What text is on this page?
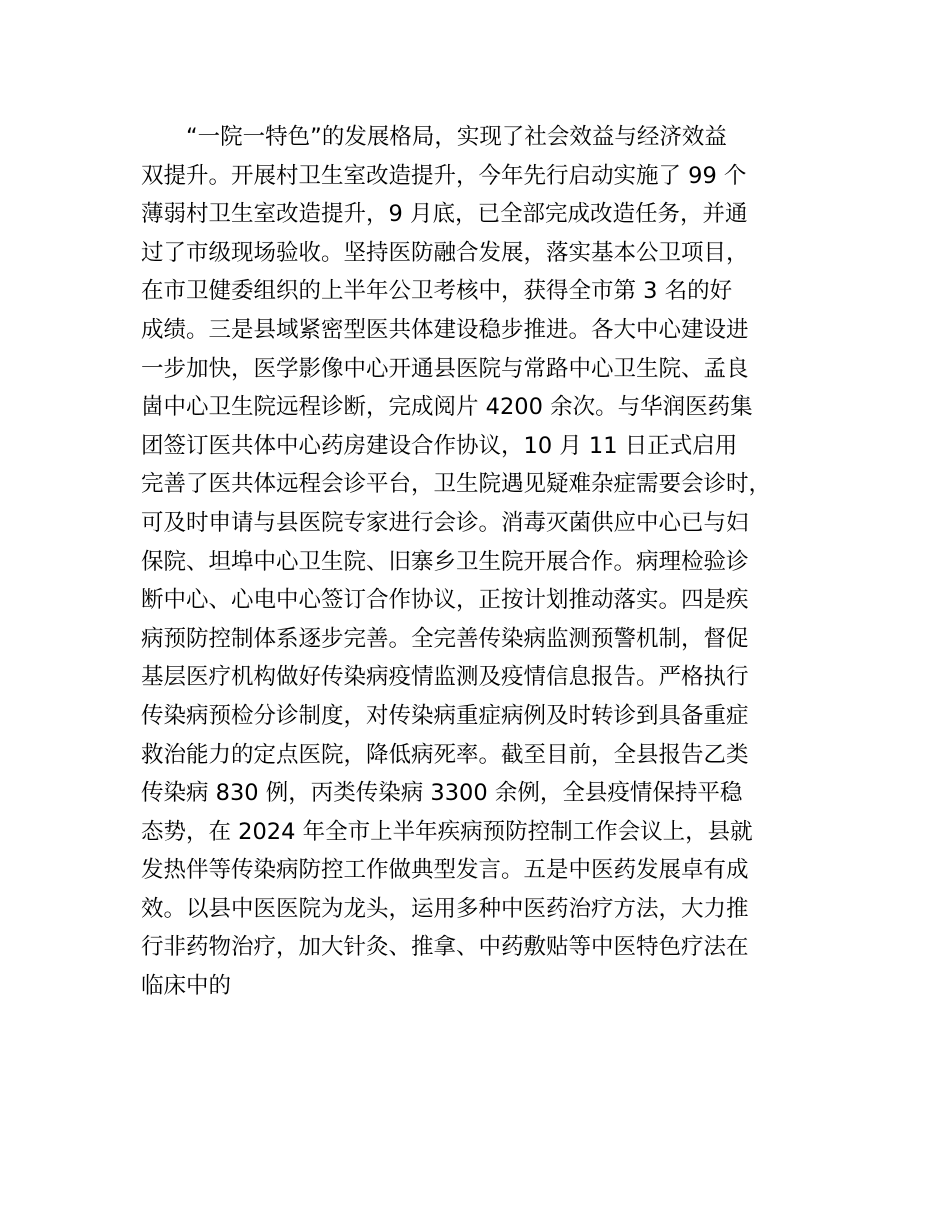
“一院一特色”的发展格局，实现了社会效益与经济效益
双提升。开展村卫生室改造提升，今年先行启动实施了 99 个
薄弱村卫生室改造提升，9 月底，已全部完成改造任务，并通
过了市级现场验收。坚持医防融合发展，落实基本公卫项目，
在市卫健委组织的上半年公卫考核中，获得全市第 3 名的好
成绩。三是县域紧密型医共体建设稳步推进。各大中心建设进
一步加快，医学影像中心开通县医院与常路中心卫生院、孟良
崮中心卫生院远程诊断，完成阅片 4200 余次。与华润医药集
团签订医共体中心药房建设合作协议，10 月 11 日正式启用
完善了医共体远程会诊平台，卫生院遇见疑难杂症需要会诊时，
可及时申请与县医院专家进行会诊。消毒灭菌供应中心已与妇
保院、坦埠中心卫生院、旧寨乡卫生院开展合作。病理检验诊
断中心、心电中心签订合作协议，正按计划推动落实。四是疾
病预防控制体系逐步完善。全完善传染病监测预警机制，督促
基层医疗机构做好传染病疫情监测及疫情信息报告。严格执行
传染病预检分诊制度，对传染病重症病例及时转诊到具备重症
救治能力的定点医院，降低病死率。截至目前，全县报告乙类
传染病 830 例，丙类传染病 3300 余例，全县疫情保持平稳
态势，在 2024 年全市上半年疾病预防控制工作会议上，县就
发热伴等传染病防控工作做典型发言。五是中医药发展卓有成
效。以县中医医院为龙头，运用多种中医药治疗方法，大力推
行非药物治疗，加大针灸、推拿、中药敷贴等中医特色疗法在
临床中的
